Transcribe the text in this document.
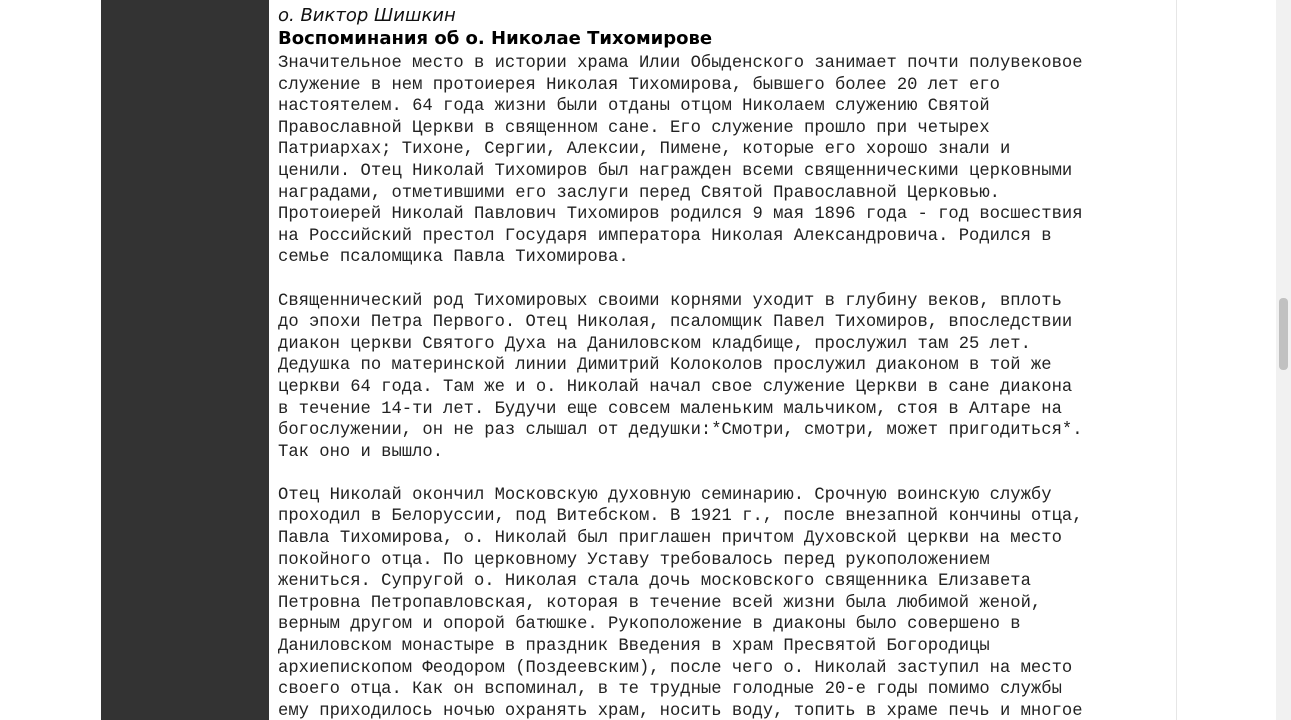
о. Виктор Шишкин
Воспоминания об о. Николае Тихомирове
Значительное место в истории храма Илии Обыденского занимает почти полувековое
служение в нем протоиерея Николая Тихомирова, бывшего более 20 лет его
настоятелем. 64 года жизни были отданы отцом Николаем служению Святой
Православной Церкви в священном сане. Его служение прошло при четырех
Патриархах; Тихоне, Сергии, Алексии, Пимене, которые его хорошо знали и
ценили. Отец Николай Тихомиров был награжден всеми священническими церковными
наградами, отметившими его заслуги перед Святой Православной Церковью.
Протоиерей Николай Павлович Тихомиров родился 9 мая 1896 года - год восшествия
на Российский престол Государя императора Николая Александровича. Родился в
семье псаломщика Павла Тихомирова.
Священнический род Тихомировых своими корнями уходит в глубину веков, вплоть
до эпохи Петра Первого. Отец Николая, псаломщик Павел Тихомиров, впоследствии
диакон церкви Святого Духа на Даниловском кладбище, прослужил там 25 лет.
Дедушка по материнской линии Димитрий Колоколов прослужил диаконом в той же
церкви 64 года. Там же и о. Николай начал свое служение Церкви в сане диакона
в течение 14-ти лет. Будучи еще совсем маленьким мальчиком, стоя в Алтаре на
богослужении, он не раз слышал от дедушки:*Смотри, смотри, может пригодиться*.
Так оно и вышло.
Отец Николай окончил Московскую духовную семинарию. Срочную воинскую службу
проходил в Белоруссии, под Витебском. В 1921 г., после внезапной кончины отца,
Павла Тихомирова, о. Николай был приглашен причтом Духовской церкви на место
покойного отца. По церковному Уставу требовалось перед рукоположением
жениться. Супругой о. Николая стала дочь московского священника Елизавета
Петровна Петропавловская, которая в течение всей жизни была любимой женой,
верным другом и опорой батюшке. Рукоположение в диаконы было совершено в
Даниловском монастыре в праздник Введения в храм Пресвятой Богородицы
архиепископом Феодором (Поздеевским), после чего о. Николай заступил на место
своего отца. Как он вспоминал, в те трудные голодные 20-е годы помимо службы
ему приходилось ночью охранять храм, носить воду, топить в храме печь и многое
